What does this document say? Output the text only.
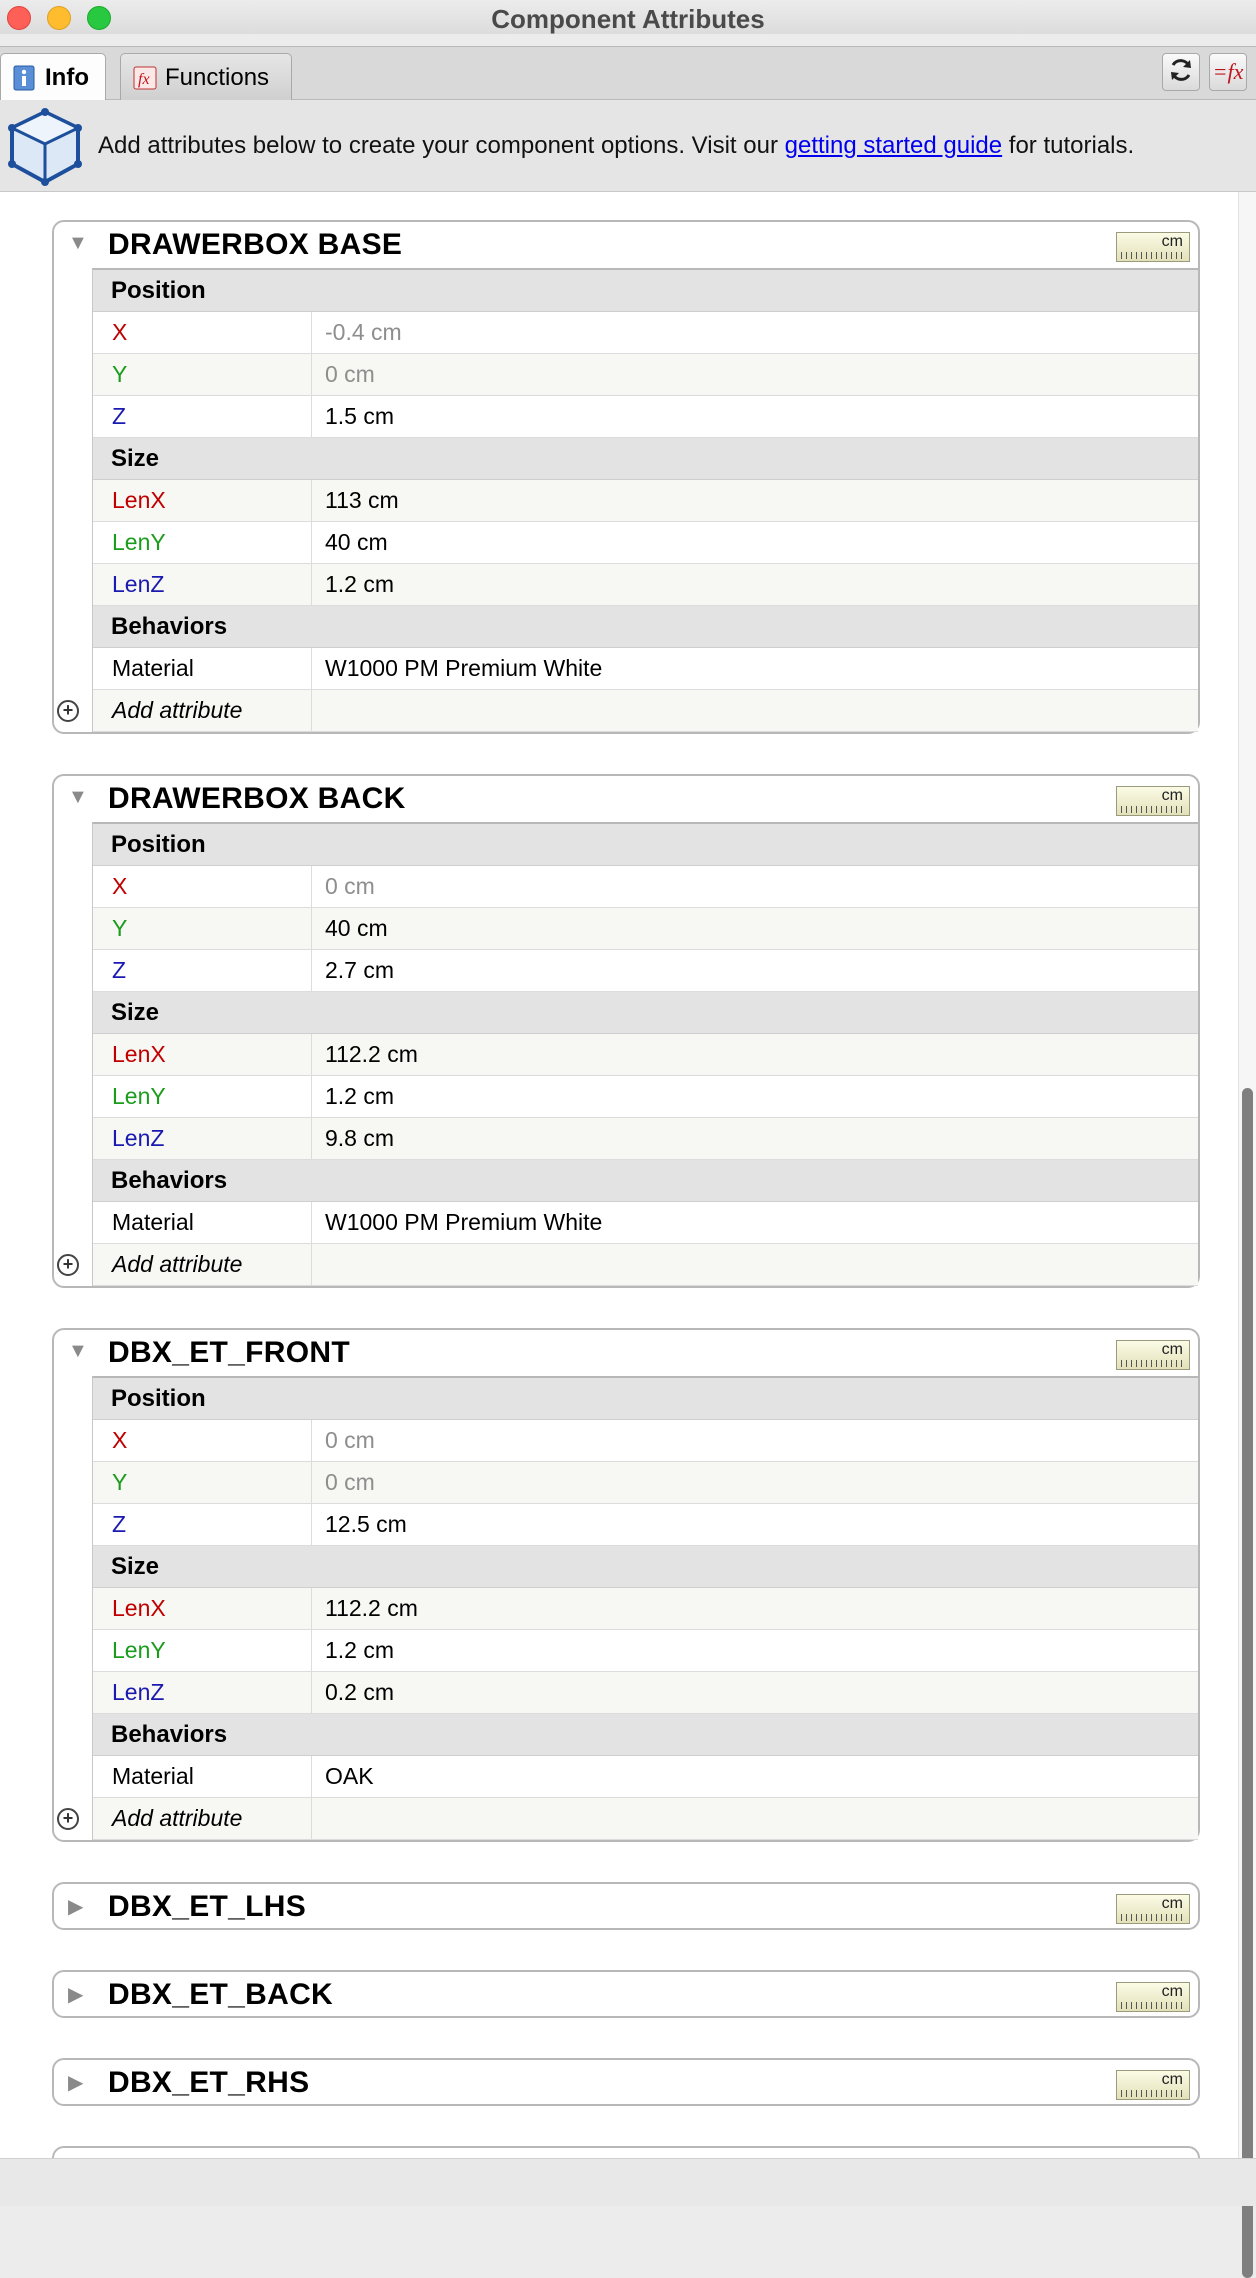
Component Attributes
Info	fx Functions	=fx
Add attributes below to create your component options. Visit our getting started guide for tutorials.
▼ DRAWERBOX BASE	cm
Position
X	-0.4 cm
Y	0 cm
Z	1.5 cm
Size
LenX	113 cm
LenY	40 cm
LenZ	1.2 cm
Behaviors
Material	W1000 PM Premium White
+	Add attribute
▼ DRAWERBOX BACK	cm
Position
X	0 cm
Y	40 cm
Z	2.7 cm
Size
LenX	112.2 cm
LenY	1.2 cm
LenZ	9.8 cm
Behaviors
Material	W1000 PM Premium White
+	Add attribute
▼ DBX_ET_FRONT	cm
Position
X	0 cm
Y	0 cm
Z	12.5 cm
Size
LenX	112.2 cm
LenY	1.2 cm
LenZ	0.2 cm
Behaviors
Material	OAK
+	Add attribute
▶ DBX_ET_LHS	cm
▶ DBX_ET_BACK	cm
▶ DBX_ET_RHS	cm
